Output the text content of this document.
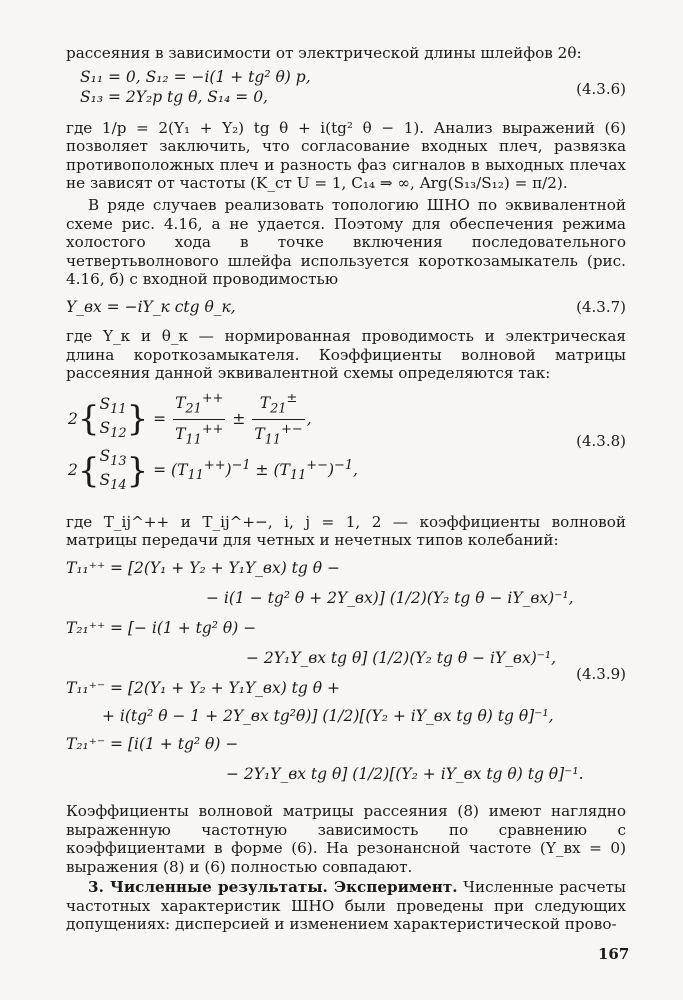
рассеяния в зависимости от электрической длины шлейфов 2θ:

S₁₁ = 0, S₁₂ = −i(1 + tg² θ) p,
S₁₃ = 2Y₂p tg θ, S₁₄ = 0,	(4.3.6)

где 1/p = 2(Y₁ + Y₂) tg θ + i(tg² θ − 1). Анализ выражений (6) позволяет заключить, что согласование входных плеч, развязка противоположных плеч и разность фаз сигналов в выходных плечах не зависят от частоты (K_ст U = 1, C₁₄ ⇒ ∞, Arg(S₁₃/S₁₂) = π/2).

В ряде случаев реализовать топологию ШНО по эквивалентной схеме рис. 4.16, а не удается. Поэтому для обеспечения режима холостого хода в точке включения последовательного четвертьволнового шлейфа используется короткозамыкатель (рис. 4.16, б) с входной проводимостью

Y_вх = −iY_к ctg θ_к,	(4.3.7)

где Y_к и θ_к — нормированная проводимость и электрическая длина короткозамыкателя. Коэффициенты волновой матрицы рассеяния данной эквивалентной схемы определяются так:

$2\{S_{11}$
$S_{12}\} = \frac{T_{21}^{++}}{T_{11}^{++}} \pm \frac{T_{21}^\pm}{T_{11}^{+-}}$ ,
$2\{S_{13}$
$S_{14}\} = (T_{11}^{++})^{-1} \pm (T_{11}^{+-})^{-1}$,
(4.3.8)

где T_ij^++ и T_ij^+−, i, j = 1, 2 — коэффициенты волновой матрицы передачи для четных и нечетных типов колебаний:

T₁₁⁺⁺ = [2(Y₁ + Y₂ + Y₁Y_вх) tg θ −
− i(1 − tg² θ + 2Y_вх)] (1/2)(Y₂ tg θ − iY_вх)⁻¹,
T₂₁⁺⁺ = [− i(1 + tg² θ) −
− 2Y₁Y_вх tg θ] (1/2)(Y₂ tg θ − iY_вх)⁻¹,
T₁₁⁺⁻ = [2(Y₁ + Y₂ + Y₁Y_вх) tg θ +
+ i(tg² θ − 1 + 2Y_вх tg²θ)] (1/2)[(Y₂ + iY_вх tg θ) tg θ]⁻¹,
T₂₁⁺⁻ = [i(1 + tg² θ) −
− 2Y₁Y_вх tg θ] (1/2)[(Y₂ + iY_вх tg θ) tg θ]⁻¹.
(4.3.9)

Коэффициенты волновой матрицы рассеяния (8) имеют наглядно выраженную частотную зависимость по сравнению с коэффициентами в форме (6). На резонансной частоте (Y_вх = 0) выражения (8) и (6) полностью совпадают.

3. Численные результаты. Эксперимент. Численные расчеты частотных характеристик ШНО были проведены при следующих допущениях: дисперсией и изменением характеристической прово-

167
